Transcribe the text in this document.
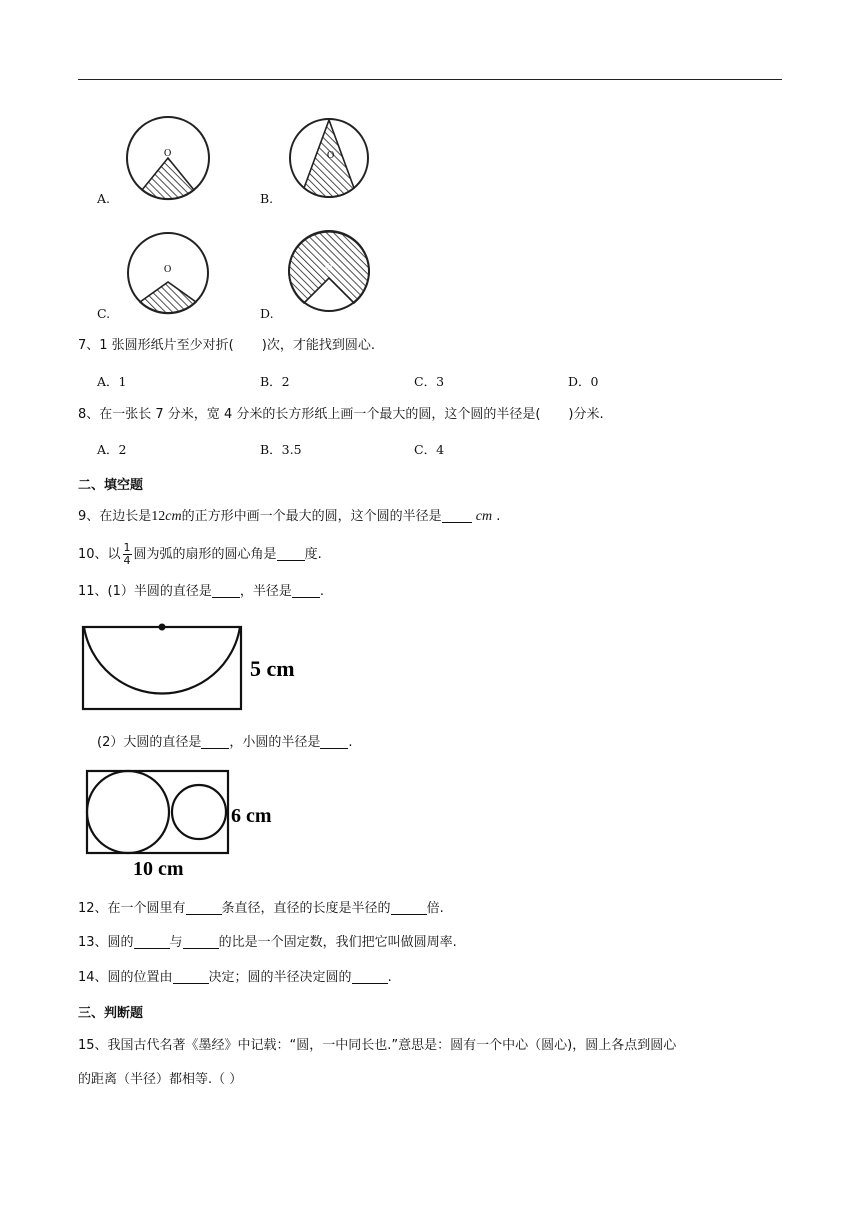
O	O
O	O
A.	B.
C.	D.
7、1 张圆形纸片至少对折( )次，才能找到圆心.
A．1	B．2	C．3	D．0
8、在一张长 7 分米，宽 4 分米的长方形纸上画一个最大的圆，这个圆的半径是( )分米.
A．2	B．3.5	C．4
二、填空题
9、在边长是12cm的正方形中画一个最大的圆，这个圆的半径是 cm .
10、以 $\frac{1}{4}$ 圆为弧的扇形的圆心角是 度.
11、(1）半圆的直径是 ，半径是 .
5 cm
(2）大圆的直径是 ，小圆的半径是 .
6 cm
10 cm
12、在一个圆里有	条直径，直径的长度是半径的	倍.
13、圆的	与	的比是一个固定数，我们把它叫做圆周率.
14、圆的位置由	决定；圆的半径决定圆的	.
三、判断题
15、我国古代名著《墨经》中记载：“圆，一中同长也.”意思是：圆有一个中心（圆心)，圆上各点到圆心
的距离（半径）都相等.（ ）
